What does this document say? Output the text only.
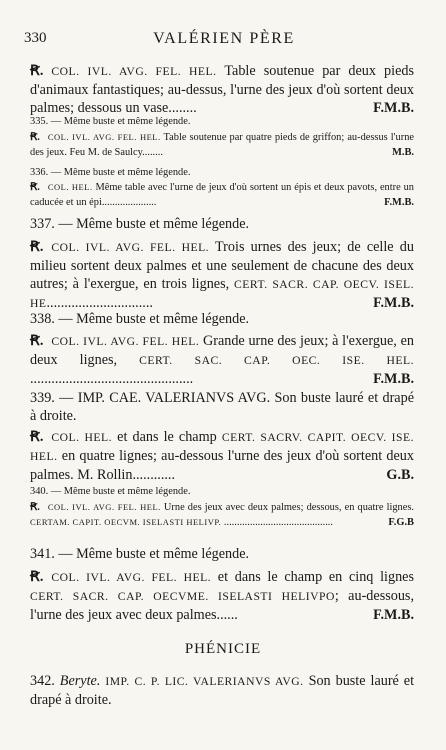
330	VALÉRIEN PÈRE
Ꞧ. COL. IVL. AVG. FEL. HEL. Table soutenue par deux pieds d'animaux fantastiques; au-dessus, l'urne des jeux d'où sortent deux palmes; dessous un vase........	F.M.B.
335. — Même buste et même légende.
Ꞧ. COL. IVL. AVG. FEL. HEL. Table soutenue par quatre pieds de griffon; au-dessus l'urne des jeux. Feu M. de Saulcy........	M.B.
336. — Même buste et même légende.
Ꞧ. COL. HEL. Même table avec l'urne de jeux d'où sortent un épis et deux pavots, entre un caducée et un épi.....................	F.M.B.
337. — Même buste et même légende.
Ꞧ. COL. IVL. AVG. FEL. HEL. Trois urnes des jeux; de celle du milieu sortent deux palmes et une seulement de chacune des deux autres; à l'exergue, en trois lignes, CERT. SACR. CAP. OECV. ISEL. HE..............................	F.M.B.
338. — Même buste et même légende.
Ꞧ. COL. IVL. AVG. FEL. HEL. Grande urne des jeux; à l'exergue, en deux lignes, CERT. SAC. CAP. OEC. ISE. HEL. ..............................................	F.M.B.
339. — IMP. CAE. VALERIANVS AVG. Son buste lauré et drapé à droite.
Ꞧ. COL. HEL. et dans le champ CERT. SACRV. CAPIT. OECV. ISE. HEL. en quatre lignes; au-dessous l'urne des jeux d'où sortent deux palmes. M. Rollin............	G.B.
340. — Même buste et même légende.
Ꞧ. COL. IVL. AVG. FEL. HEL. Urne des jeux avec deux palmes; dessous, en quatre lignes. CERTAM. CAPIT. OECVM. ISELASTI HELIVP. ..........................................	F.G.B
341. — Même buste et même légende.
Ꞧ. COL. IVL. AVG. FEL. HEL. et dans le champ en cinq lignes CERT. SACR. CAP. OECVME. ISELASTI HELIVPO; au-dessous, l'urne des jeux avec deux palmes......	F.M.B.
PHÉNICIE
342. Beryte. IMP. C. P. LIC. VALERIANVS AVG. Son buste lauré et drapé à droite.
